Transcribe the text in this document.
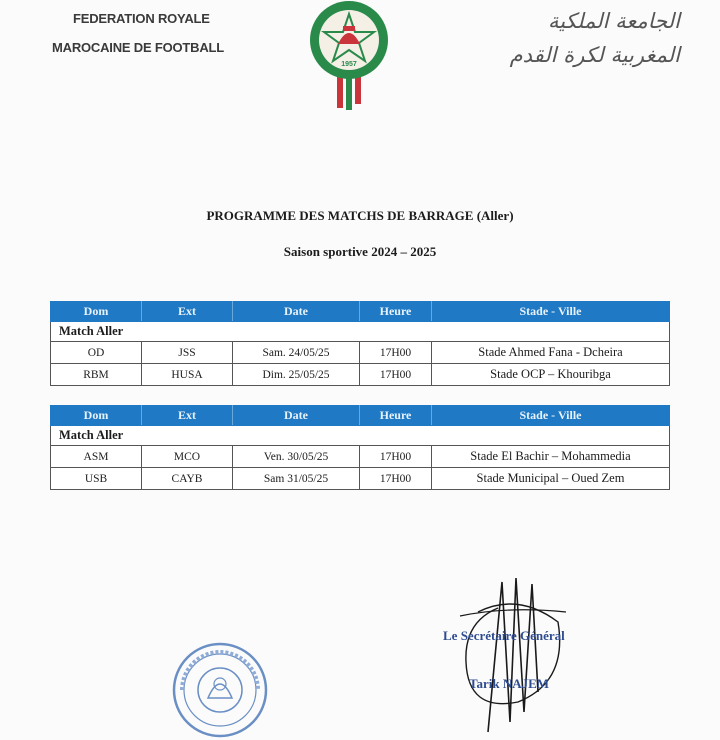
FEDERATION ROYALE
MAROCAINE DE FOOTBALL
1957
الجامعة الملكية
المغربية لكرة القدم
PROGRAMME DES MATCHS DE BARRAGE (Aller)
Saison sportive 2024 – 2025
Dom	Ext	Date	Heure	Stade - Ville
Match Aller				
OD	JSS	Sam. 24/05/25	17H00	Stade Ahmed Fana - Dcheira
RBM	HUSA	Dim. 25/05/25	17H00	Stade OCP – Khouribga
Dom	Ext	Date	Heure	Stade - Ville
Match Aller				
ASM	MCO	Ven. 30/05/25	17H00	Stade El Bachir – Mohammedia
USB	CAYB	Sam 31/05/25	17H00	Stade Municipal – Oued Zem
Le Secrétaire Général
Tarik NAJEM
